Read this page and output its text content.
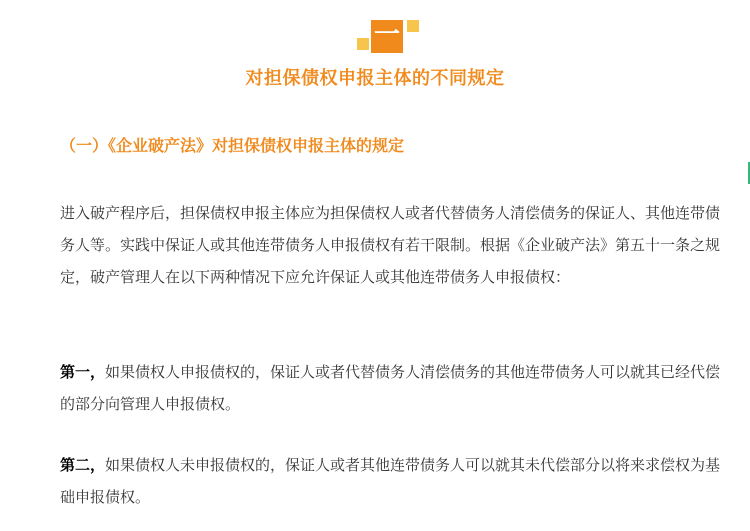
一
对担保债权申报主体的不同规定
（一）《企业破产法》对担保债权申报主体的规定

进入破产程序后，担保债权申报主体应为担保债权人或者代替债务人清偿债务的保证人、其他连带债务人等。实践中保证人或其他连带债务人申报债权有若干限制。根据《企业破产法》第五十一条之规定，破产管理人在以下两种情况下应允许保证人或其他连带债务人申报债权：

第一，如果债权人申报债权的，保证人或者代替债务人清偿债务的其他连带债务人可以就其已经代偿的部分向管理人申报债权。

第二，如果债权人未申报债权的，保证人或者其他连带债务人可以就其未代偿部分以将来求偿权为基础申报债权。
